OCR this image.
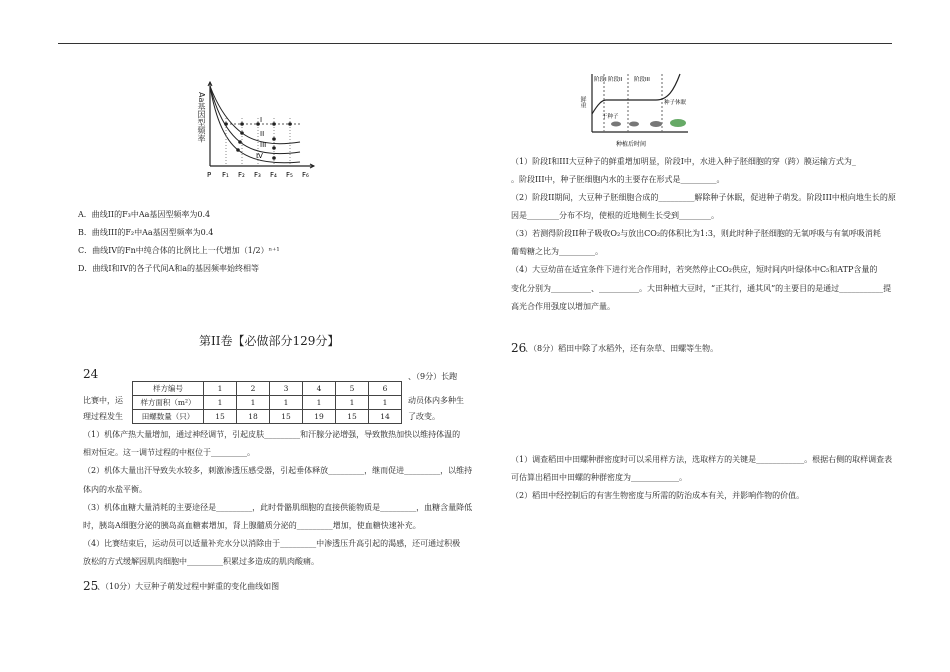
I
II
III
IV
P F₁ F₂ F₃ F₄ F₅ F₆
Aa基因型频率
A．曲线II的F₃中Aa基因型频率为0.4
B．曲线III的F₂中Aa基因型频率为0.4
C．曲线IV的Fn中纯合体的比例比上一代增加（1/2）ⁿ⁺¹
D．曲线I和IV的各子代间A和a的基因频率始终相等
第II卷【必做部分129分】
24	、（9分）长跑
比赛中，运	动员体内多种生
理过程发生	了改变。
样方编号	1	2	3	4	5	6
样方面积（m²）	1	1	1	1	1	1
田螺数量（只）	15	18	15	19	15	14
（1）机体产热大量增加，通过神经调节，引起皮肤_________和汗腺分泌增强，导致散热加快以维持体温的
相对恒定。这一调节过程的中枢位于_________。
（2）机体大量出汗导致失水较多，刺激渗透压感受器，引起垂体释放_________，继而促进_________，以维持
体内的水盐平衡。
（3）机体血糖大量消耗的主要途径是_________，此时骨骼肌细胞的直接供能物质是_________，血糖含量降低
时，胰岛A细胞分泌的胰岛高血糖素增加，肾上腺髓质分泌的_________增加，使血糖快速补充。
（4）比赛结束后，运动员可以适量补充水分以消除由于_________中渗透压升高引起的渴感，还可通过积极
放松的方式缓解因肌肉细胞中_________积累过多造成的肌肉酸痛。
25
、（10分）大豆种子萌发过程中鲜重的变化曲线如图
阶段I 阶段II 阶段III
种子休眠
干种子
种植后时间
鲜重
（1）阶段I和III大豆种子的鲜重增加明显，阶段I中，水进入种子胚细胞的穿（跨）膜运输方式为_
。阶段III中，种子胚细胞内水的主要存在形式是_________。
（2）阶段II期间，大豆种子胚细胞合成的_________解除种子休眠，促进种子萌发。阶段III中根向地生长的原
因是________分布不均，使根的近地侧生长受到________。
（3）若测得阶段II种子吸收O₂与放出CO₂的体积比为1:3，则此时种子胚细胞的无氧呼吸与有氧呼吸消耗
葡萄糖之比为_________。
（4）大豆幼苗在适宜条件下进行光合作用时，若突然停止CO₂供应，短时间内叶绿体中C₅和ATP含量的
变化分别为__________、__________。大田种植大豆时，“正其行，通其风”的主要目的是通过___________提
高光合作用强度以增加产量。
26
、（8分）稻田中除了水稻外，还有杂草、田螺等生物。
（1）调查稻田中田螺种群密度时可以采用样方法，选取样方的关键是____________。根据右侧的取样调查表
可估算出稻田中田螺的种群密度为____________。
（2）稻田中经控制后的有害生物密度与所需的防治成本有关，并影响作物的价值。
